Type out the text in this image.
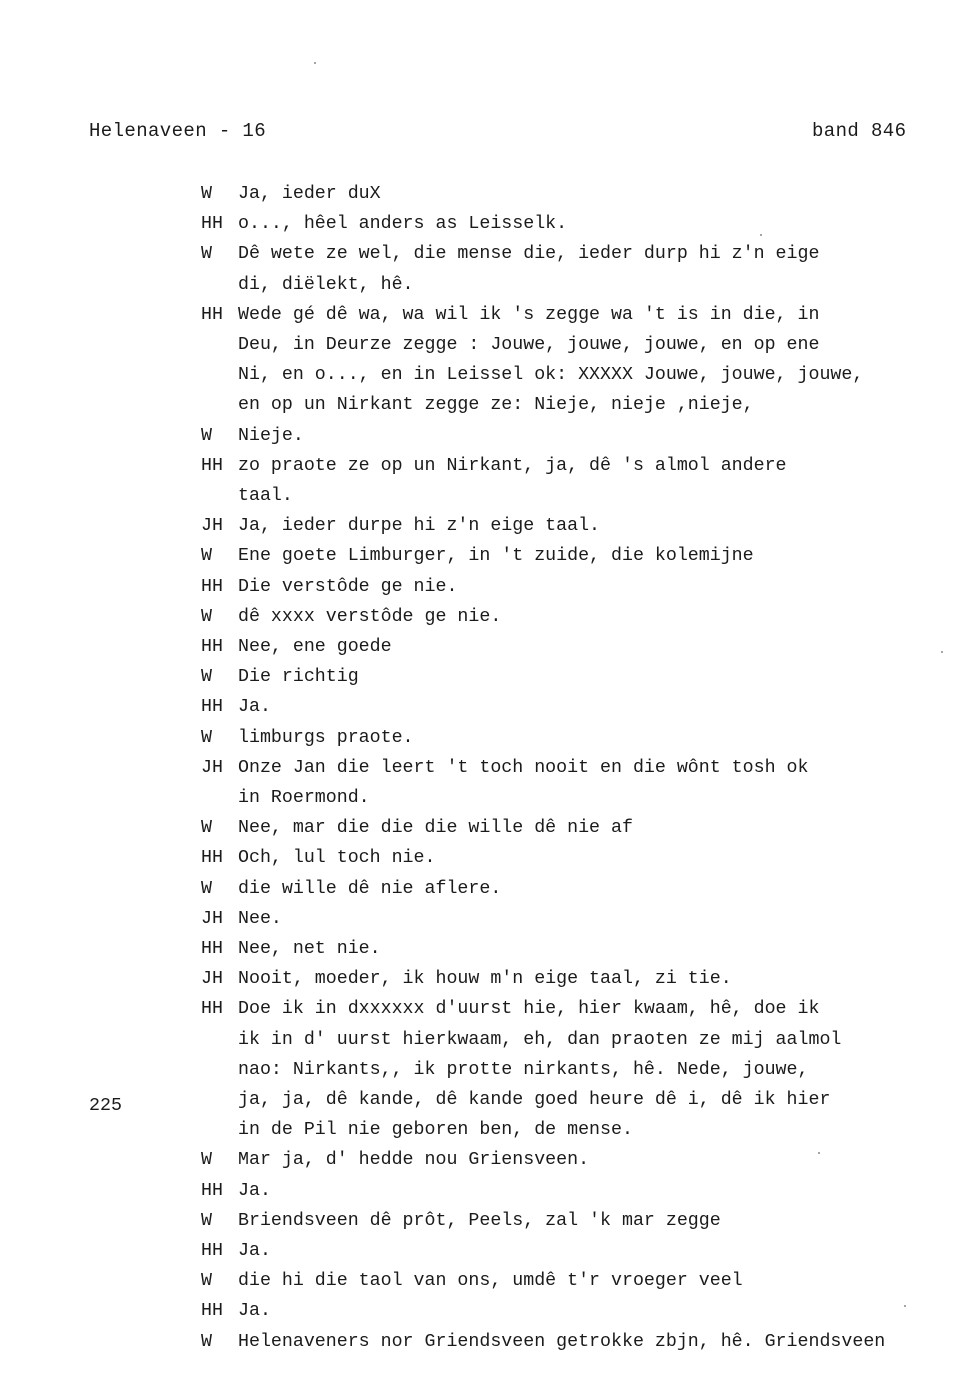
Helenaveen - 16	band 846
225
W Ja, ieder duX
HH o..., hêel anders as Leisselk.
W Dê wete ze wel, die mense die, ieder durp hi z'n eige
di, diëlekt, hê.
HH Wede gé dê wa, wa wil ik 's zegge wa 't is in die, in
Deu, in Deurze zegge : Jouwe, jouwe, jouwe, en op ene
Ni, en o..., en in Leissel ok: XXXXX Jouwe, jouwe, jouwe,
en op un Nirkant zegge ze: Nieje, nieje ,nieje,
W Nieje.
HH zo praote ze op un Nirkant, ja, dê 's almol andere
taal.
JH Ja, ieder durpe hi z'n eige taal.
W Ene goete Limburger, in 't zuide, die kolemijne
HH Die verstôde ge nie.
W dê xxxx verstôde ge nie.
HH Nee, ene goede
W Die richtig
HH Ja.
W limburgs praote.
JH Onze Jan die leert 't toch nooit en die wônt tosh ok
in Roermond.
W Nee, mar die die die wille dê nie af
HH Och, lul toch nie.
W die wille dê nie aflere.
JH Nee.
HH Nee, net nie.
JH Nooit, moeder, ik houw m'n eige taal, zi tie.
HH Doe ik in dxxxxxx d'uurst hie, hier kwaam, hê, doe ik
ik in d' uurst hierkwaam, eh, dan praoten ze mij aalmol
nao: Nirkants,, ik protte nirkants, hê. Nede, jouwe,
ja, ja, dê kande, dê kande goed heure dê i, dê ik hier
in de Pil nie geboren ben, de mense.
W Mar ja, d' hedde nou Griensveen.
HH Ja.
W Briendsveen dê prôt, Peels, zal 'k mar zegge
HH Ja.
W die hi die taol van ons, umdê t'r vroeger veel
HH Ja.
W Helenaveners nor Griendsveen getrokke zbjn, hê. Griendsveen
